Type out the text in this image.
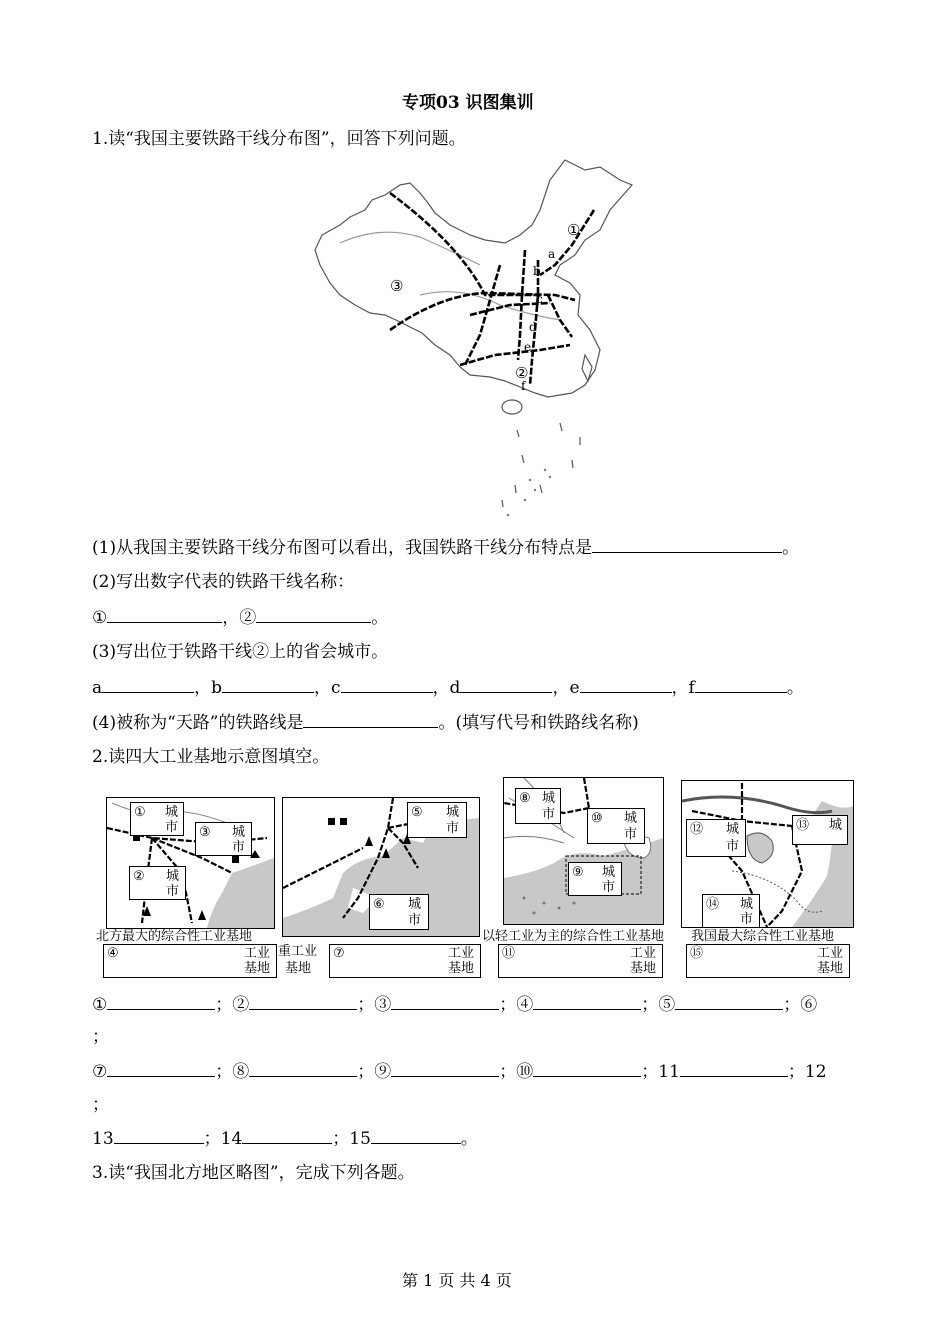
专项03 识图集训
1.读“我国主要铁路干线分布图”，回答下列问题。
①
③
②
a
b
c
d
e
f
(1)从我国主要铁路干线分布图可以看出，我国铁路干线分布特点是	。
(2)写出数字代表的铁路干线名称：
①	，②	。
(3)写出位于铁路干线②上的省会城市。
a	，b	，c	，d	，e	，f	。
(4)被称为“天路”的铁路线是	。(填写代号和铁路线名称)
2.读四大工业基地示意图填空。
① 城
市 ③ 城
市
② 城
市
⑤ 城
市
⑥ 城
市
⑧ 城
市	⑩ 城
市
⑨ 城
市
⑫ 城
市
⑬ 城
⑭ 城
市
北方最大的综合性工业基地	以轻工业为主的综合性工业基地 我国最大综合性工业基地
重工业
基地
④	工业
基地
⑦	工业
基地
⑪	工业
基地
⑮	工业
基地
①	；②	；③	；④	；⑤	；⑥
；
⑦	；⑧	；⑨	；⑩	；11	；12
；
13	；14	；15	。
3.读“我国北方地区略图”，完成下列各题。
第 1 页 共 4 页
